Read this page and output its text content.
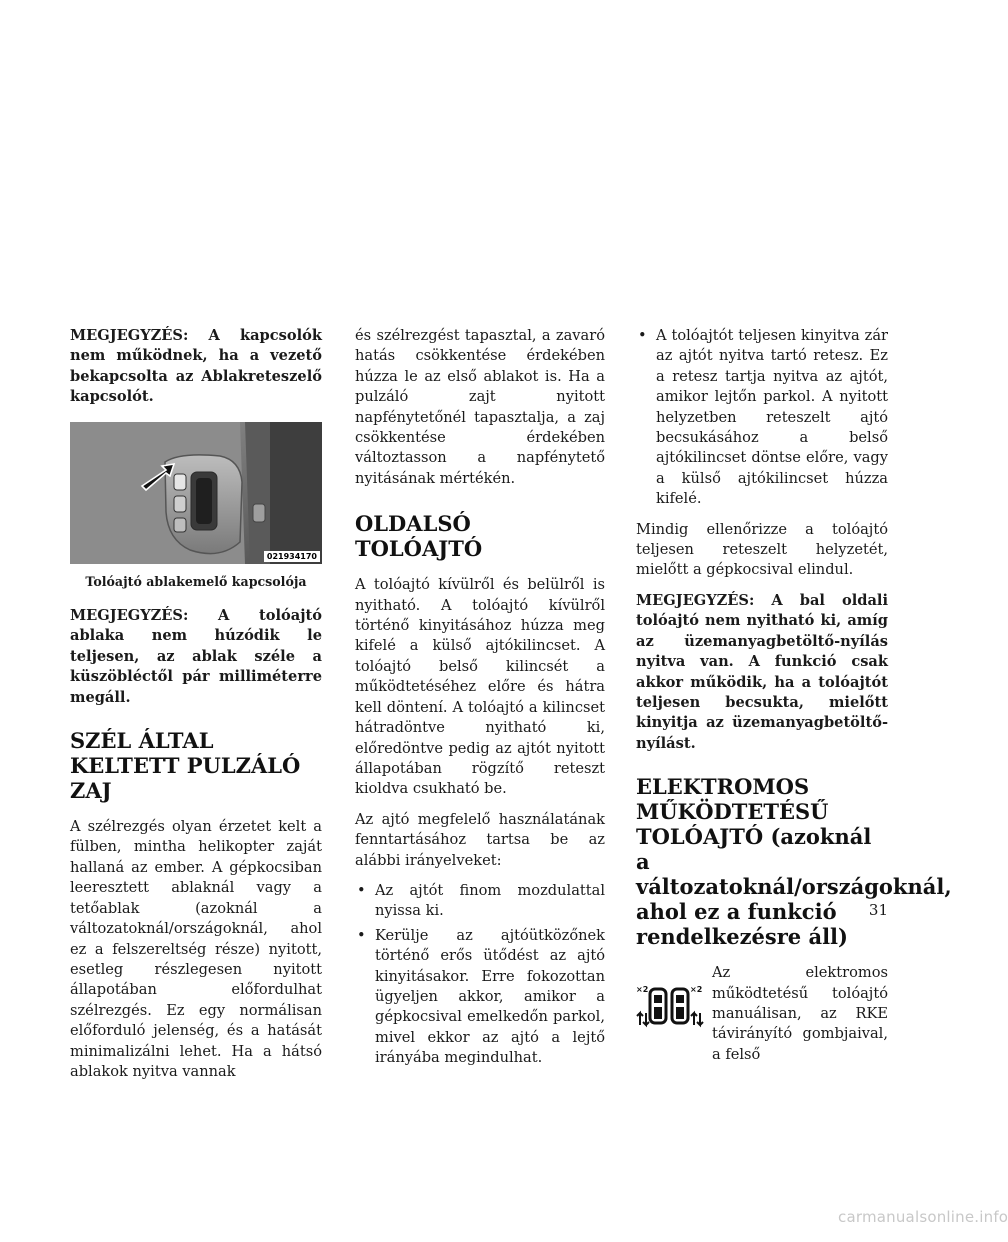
MEGJEGYZÉS: A kapcsolók nem működnek, ha a vezető bekapcsolta az Ablakreteszelő kapcsolót.

021934170

Tolóajtó ablakemelő kapcsolója

MEGJEGYZÉS: A tolóajtó ablaka nem húzódik le teljesen, az ablak széle a küszöbléctől pár milliméterre megáll.

SZÉL ÁLTAL KELTETT PULZÁLÓ ZAJ

A szélrezgés olyan érzetet kelt a fülben, mintha helikopter zaját hallaná az ember. A gépkocsiban leeresztett ablaknál vagy a tetőablak (azoknál a változatoknál/országoknál, ahol ez a felszereltség része) nyitott, esetleg részlegesen nyitott állapotában előfordulhat szélrezgés. Ez egy normálisan előforduló jelenség, és a hatását minimalizálni lehet. Ha a hátsó ablakok nyitva vannak

és szélrezgést tapasztal, a zavaró hatás csökkentése érdekében húzza le az első ablakot is. Ha a pulzáló zajt nyitott napfénytetőnél tapasztalja, a zaj csökkentése érdekében változtasson a napfénytető nyitásának mértékén.

OLDALSÓ TOLÓAJTÓ

A tolóajtó kívülről és belülről is nyitható. A tolóajtó kívülről történő kinyitásához húzza meg kifelé a külső ajtókilincset. A tolóajtó belső kilincsét a működtetéséhez előre és hátra kell döntení. A tolóajtó a kilincset hátradöntve nyitható ki, előredöntve pedig az ajtót nyitott állapotában rögzítő reteszt kioldva csukható be.

Az ajtó megfelelő használatának fenntartásához tartsa be az alábbi irányelveket:

• Az ajtót finom mozdulattal nyissa ki.
• Kerülje az ajtóütközőnek történő erős ütődést az ajtó kinyitásakor. Erre fokozottan ügyeljen akkor, amikor a gépkocsival emelkedőn parkol, mivel ekkor az ajtó a lejtő irányába megindulhat.
• A tolóajtót teljesen kinyitva zár az ajtót nyitva tartó retesz. Ez a retesz tartja nyitva az ajtót, amikor lejtőn parkol. A nyitott helyzetben reteszelt ajtó becsukásához a belső ajtókilincset döntse előre, vagy a külső ajtókilincset húzza kifelé.

Mindig ellenőrizze a tolóajtó teljesen reteszelt helyzetét, mielőtt a gépkocsival elindul.

MEGJEGYZÉS: A bal oldali tolóajtó nem nyitható ki, amíg az üzemanyagbetöltő-nyílás nyitva van. A funkció csak akkor működik, ha a tolóajtót teljesen becsukta, mielőtt kinyitja az üzemanyagbetöltő-nyílást.

ELEKTROMOS MŰKÖDTETÉSŰ TOLÓAJTÓ (azoknál a változatoknál/országoknál, ahol ez a funkció rendelkezésre áll)
×2	×2

Az elektromos működtetésű tolóajtó manuálisan, az RKE távirányító gombjaival, a felső

31
carmanualsonline.info
